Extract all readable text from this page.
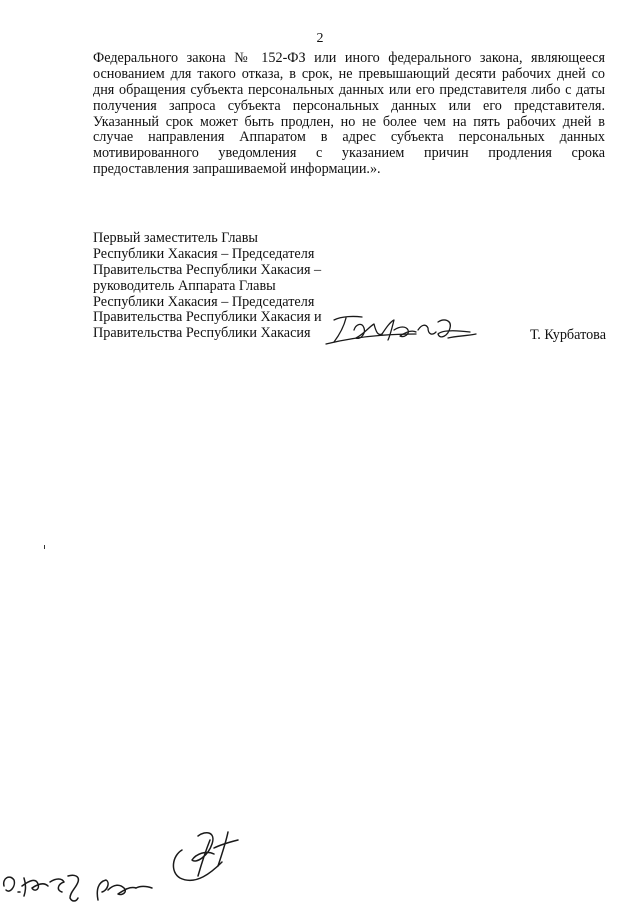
2
Федерального закона № 152-ФЗ или иного федерального закона, являющееся
основанием для такого отказа, в срок, не превышающий десяти рабочих дней со
дня обращения субъекта персональных данных или его представителя либо с даты
получения запроса субъекта персональных данных или его представителя.
Указанный срок может быть продлен, но не более чем на пять рабочих дней в
случае направления Аппаратом в адрес субъекта персональных данных
мотивированного уведомления с указанием причин продления срока
предоставления запрашиваемой информации.».
Первый заместитель Главы
Республики Хакасия – Председателя
Правительства Республики Хакасия –
руководитель Аппарата Главы
Республики Хакасия – Председателя
Правительства Республики Хакасия и
Правительства Республики Хакасия	Т. Курбатова
